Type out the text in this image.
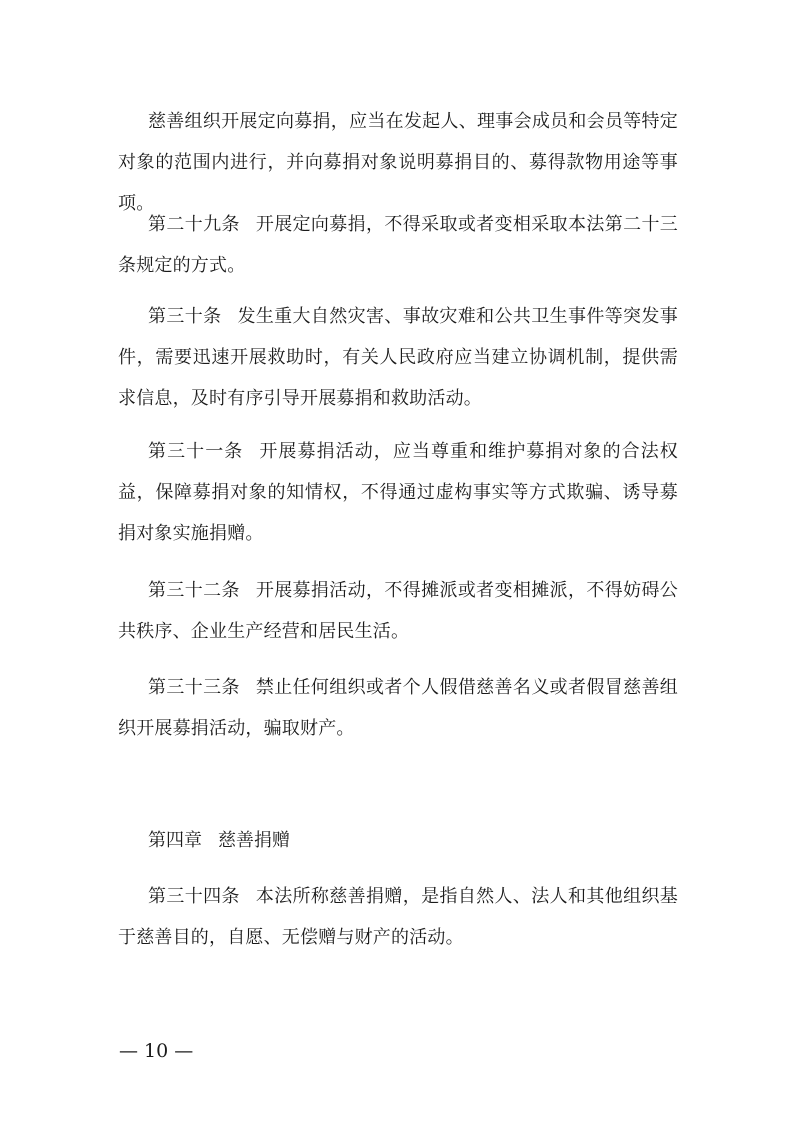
慈善组织开展定向募捐，应当在发起人、理事会成员和会员等特定对象的范围内进行，并向募捐对象说明募捐目的、募得款物用途等事项。

第二十九条 开展定向募捐，不得采取或者变相采取本法第二十三条规定的方式。

第三十条 发生重大自然灾害、事故灾难和公共卫生事件等突发事件，需要迅速开展救助时，有关人民政府应当建立协调机制，提供需求信息，及时有序引导开展募捐和救助活动。

第三十一条 开展募捐活动，应当尊重和维护募捐对象的合法权益，保障募捐对象的知情权，不得通过虚构事实等方式欺骗、诱导募捐对象实施捐赠。

第三十二条 开展募捐活动，不得摊派或者变相摊派，不得妨碍公共秩序、企业生产经营和居民生活。

第三十三条 禁止任何组织或者个人假借慈善名义或者假冒慈善组织开展募捐活动，骗取财产。

第四章 慈善捐赠

第三十四条 本法所称慈善捐赠，是指自然人、法人和其他组织基于慈善目的，自愿、无偿赠与财产的活动。

— 10 —
